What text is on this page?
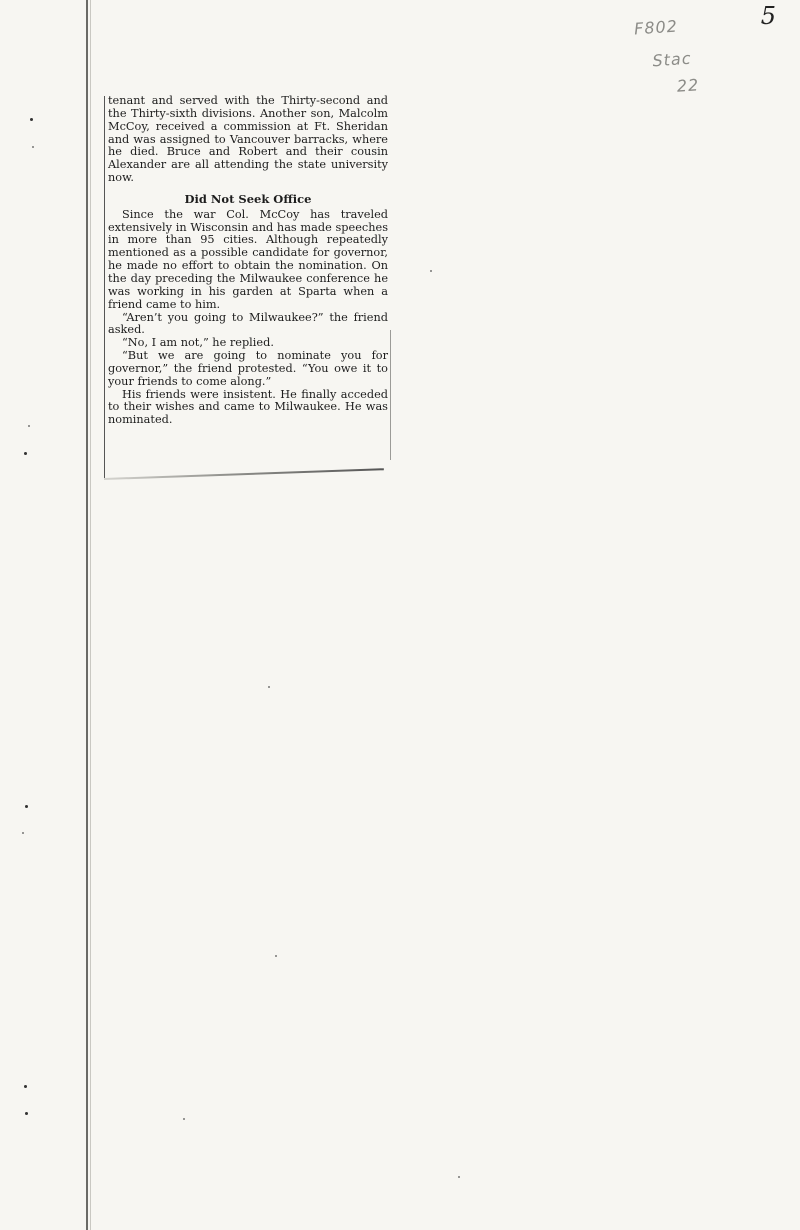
5
F802
Stac
22

tenant and served with the Thirty-second and the Thirty-sixth divisions. Another son, Malcolm McCoy, received a commission at Ft. Sheridan and was assigned to Vancouver barracks, where he died. Bruce and Robert and their cousin Alexander are all attending the state university now.

Did Not Seek Office

Since the war Col. McCoy has traveled extensively in Wisconsin and has made speeches in more than 95 cities. Although repeatedly mentioned as a possible candidate for governor, he made no effort to obtain the nomination. On the day preceding the Milwaukee conference he was working in his garden at Sparta when a friend came to him.

“Aren’t you going to Milwaukee?” the friend asked.

“No, I am not,” he replied.

“But we are going to nominate you for governor,” the friend protested. “You owe it to your friends to come along.”

His friends were insistent. He finally acceded to their wishes and came to Milwaukee. He was nominated.
